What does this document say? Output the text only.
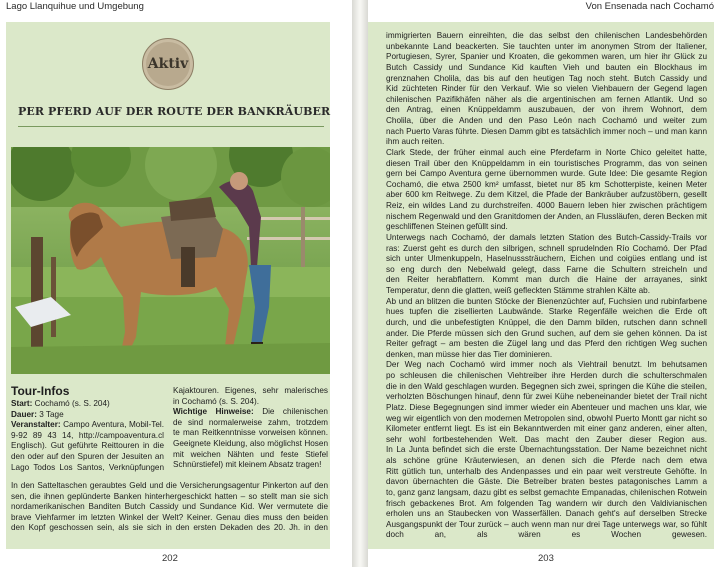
Lago Llanquihue und Umgebung
Aktiv
PER PFERD AUF DER ROUTE DER BANKRÄUBER
Tour-Infos
Start: Cochamó (s. S. 204)
Dauer: 3 Tage
Veranstalter: Campo Aventura, Mobil-Tel.
9-92 89 43 14, http://campoaventura.cl
Englisch). Gut geführte Reittouren in die
den oder auf den Spuren der Jesuiten an
Lago Todos Los Santos, Verknüpfungen
Kajaktouren. Eigenes, sehr malerisches
in Cochamó (s. S. 204).
Wichtige Hinweise: Die chilenischen
de sind normalerweise zahm, trotzdem
te man Reitkenntnisse vorweisen können.
Geeignete Kleidung, also möglichst Hosen
mit weichen Nähten und feste Stiefel
Schnürstiefel) mit kleinem Absatz tragen!
In den Satteltaschen geraubtes Geld und die Versicherungsagentur Pinkerton auf den
sen, die ihnen geplünderte Banken hinterhergeschickt hatten – so stellt man sie sich
nordamerikanischen Banditen Butch Cassidy und Sundance Kid. Wer vermutete die
brave Viehfarmer im letzten Winkel der Welt? Keiner. Genau dies muss den beiden
den Kopf geschossen sein, als sie sich in den ersten Dekaden des 20. Jh. in den
202
Von Ensenada nach Cochamó
immigrierten Bauern einreihten, die das selbst den chilenischen Landesbehörden
unbekannte Land beackerten. Sie tauchten unter im anonymen Strom der Italiener,
Portugiesen, Syrer, Spanier und Kroaten, die gekommen waren, um hier ihr Glück zu
Butch Cassidy und Sundance Kid kauften Vieh und bauten ein Blockhaus im
grenznahen Cholila, das bis auf den heutigen Tag noch steht. Butch Cassidy und
Kid züchteten Rinder für den Verkauf. Wie so vielen Viehbauern der Gegend lagen
chilenischen Pazifikhäfen näher als die argentinischen am fernen Atlantik. Und so
den Antrag, einen Knüppeldamm auszubauen, der von ihrem Wohnort, dem
Cholila, über die Anden und den Paso León nach Cochamó und weiter zum
nach Puerto Varas führte. Diesen Damm gibt es tatsächlich immer noch – und man kann
ihm auch reiten.
Clark Stede, der früher einmal auch eine Pferdefarm in Norte Chico geleitet hatte,
diesen Trail über den Knüppeldamm in ein touristisches Programm, das von seinen
gern bei Campo Aventura gerne übernommen wurde. Gute Idee: Die gesamte Region
Cochamó, die etwa 2500 km² umfasst, bietet nur 85 km Schotterpiste, keinen Meter
aber 600 km Reitwege. Zu dem Kitzel, die Pfade der Bankräuber aufzustöbern, gesellt
Reiz, ein wildes Land zu durchstreifen. 4000 Bauern leben hier zwischen prächtigem
nischem Regenwald und den Granitdomen der Anden, an Flussläufen, deren Becken mit
geschliffenen Steinen gefüllt sind.
Unterwegs nach Cochamó, der damals letzten Station des Butch-Cassidy-Trails vor
ras: Zuerst geht es durch den silbrigen, schnell sprudelnden Río Cochamó. Der Pfad
sich unter Ulmenkuppeln, Haselnusssträuchern, Eichen und coigües entlang und ist
so eng durch den Nebelwald gelegt, dass Farne die Schultern streicheln und
den Reiter herabflattern. Kommt man durch die Haine der arrayanes, sinkt
Temperatur, denn die glatten, weiß gefleckten Stämme strahlen Kälte ab.
Ab und an blitzen die bunten Stöcke der Bienenzüchter auf, Fuchsien und rubinfarbene
hues tupfen die zisellierten Laubwände. Starke Regenfälle weichen die Erde oft
durch, und die unbefestigten Knüppel, die den Damm bilden, rutschen dann schnell
ander. Die Pferde müssen sich den Grund suchen, auf dem sie gehen können. Da ist
Reiter gefragt – am besten die Zügel lang und das Pferd den richtigen Weg suchen
denken, man müsse hier das Tier dominieren.
Der Weg nach Cochamó wird immer noch als Viehtrail benutzt. Im behutsamen
po schleusen die chilenischen Viehtreiber ihre Herden durch die schulterschmalen
die in den Wald geschlagen wurden. Begegnen sich zwei, springen die Kühe die steilen,
verholzten Böschungen hinauf, denn für zwei Kühe nebeneinander bietet der Trail nicht
Platz. Diese Begegnungen sind immer wieder ein Abenteuer und machen uns klar, wie
weg wir eigentlich von den modernen Metropolen sind, obwohl Puerto Montt gar nicht so
Kilometer entfernt liegt. Es ist ein Bekanntwerden mit einer ganz anderen, einer alten,
sehr wohl fortbestehenden Welt. Das macht den Zauber dieser Region aus.
In La Junta befindet sich die erste Übernachtungsstation. Der Name bezeichnet nicht
als schöne grüne Kräuterwiesen, an denen sich die Pferde nach dem etwa
Ritt gütlich tun, unterhalb des Andenpasses und ein paar weit verstreute Gehöfte. In
davon übernachten die Gäste. Die Betreiber braten bestes patagonisches Lamm a
to, ganz ganz langsam, dazu gibt es selbst gemachte Empanadas, chilenischen Rotwein
frisch gebackenes Brot. Am folgenden Tag wandern wir durch den Valdivianischen
erholen uns an Staubecken von Wasserfällen. Danach geht's auf derselben Strecke
Ausgangspunkt der Tour zurück – auch wenn man nur drei Tage unterwegs war, so fühlt
doch an, als wären es Wochen gewesen.
203
